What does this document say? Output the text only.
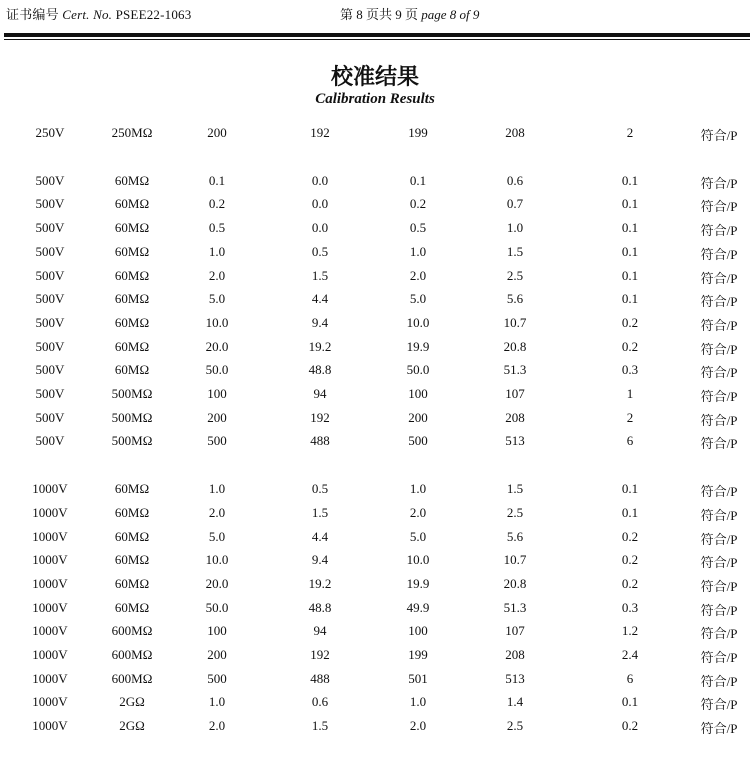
证书编号 Cert. No. PSEE22-1063	第 8 页共 9 页 page 8 of 9
校准结果
Calibration Results
250V	250MΩ	200	192	199	208	2	符合/P
500V	60MΩ	0.1	0.0	0.1	0.6	0.1	符合/P
500V	60MΩ	0.2	0.0	0.2	0.7	0.1	符合/P
500V	60MΩ	0.5	0.0	0.5	1.0	0.1	符合/P
500V	60MΩ	1.0	0.5	1.0	1.5	0.1	符合/P
500V	60MΩ	2.0	1.5	2.0	2.5	0.1	符合/P
500V	60MΩ	5.0	4.4	5.0	5.6	0.1	符合/P
500V	60MΩ	10.0	9.4	10.0	10.7	0.2	符合/P
500V	60MΩ	20.0	19.2	19.9	20.8	0.2	符合/P
500V	60MΩ	50.0	48.8	50.0	51.3	0.3	符合/P
500V	500MΩ	100	94	100	107	1	符合/P
500V	500MΩ	200	192	200	208	2	符合/P
500V	500MΩ	500	488	500	513	6	符合/P
1000V	60MΩ	1.0	0.5	1.0	1.5	0.1	符合/P
1000V	60MΩ	2.0	1.5	2.0	2.5	0.1	符合/P
1000V	60MΩ	5.0	4.4	5.0	5.6	0.2	符合/P
1000V	60MΩ	10.0	9.4	10.0	10.7	0.2	符合/P
1000V	60MΩ	20.0	19.2	19.9	20.8	0.2	符合/P
1000V	60MΩ	50.0	48.8	49.9	51.3	0.3	符合/P
1000V	600MΩ	100	94	100	107	1.2	符合/P
1000V	600MΩ	200	192	199	208	2.4	符合/P
1000V	600MΩ	500	488	501	513	6	符合/P
1000V	2GΩ	1.0	0.6	1.0	1.4	0.1	符合/P
1000V	2GΩ	2.0	1.5	2.0	2.5	0.2	符合/P
